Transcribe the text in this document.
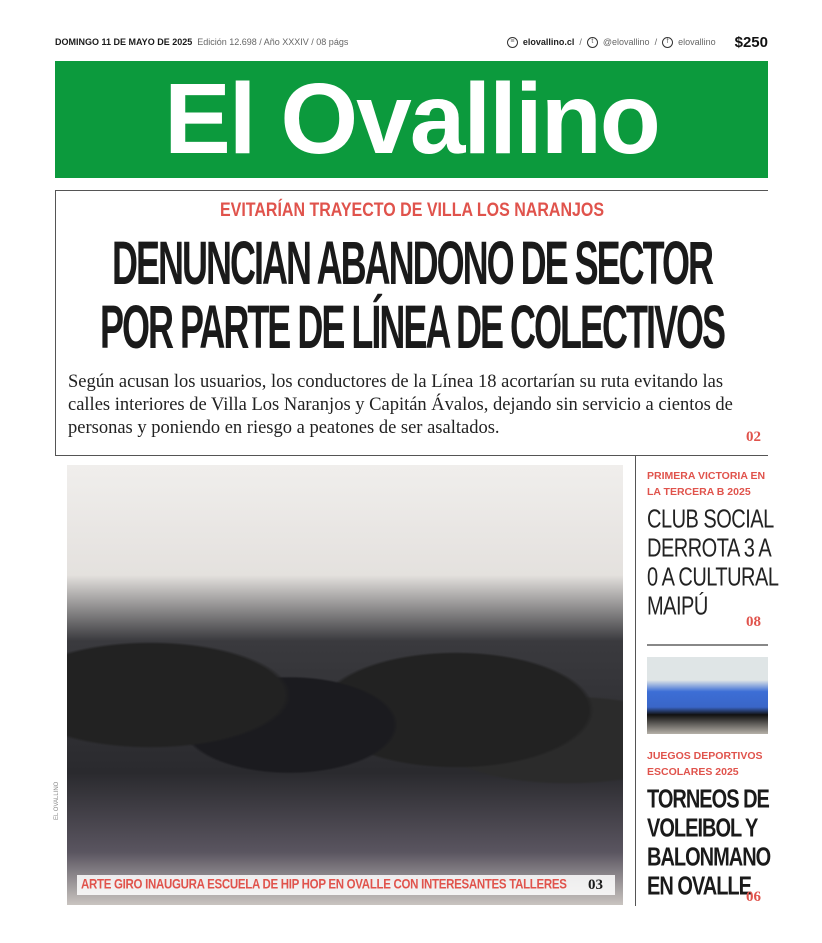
DOMINGO 11 DE MAYO DE 2025 Edición 12.698 / Año XXXIV / 08 págs	≡ elovallino.cl /	t	@elovallino /	f	elovallino $250
El Ovallino
EVITARÍAN TRAYECTO DE VILLA LOS NARANJOS
DENUNCIAN ABANDONO DE SECTOR
POR PARTE DE LÍNEA DE COLECTIVOS

Según acusan los usuarios, los conductores de la Línea 18 acortarían su ruta evitando las calles interiores de Villa Los Naranjos y Capitán Ávalos, dejando sin servicio a cientos de personas y poniendo en riesgo a peatones de ser asaltados.	02
ARTE GIRO INAUGURA ESCUELA DE HIP HOP EN OVALLE CON INTERESANTES TALLERES 03
EL OVALLINO
PRIMERA VICTORIA EN
LA TERCERA B 2025
CLUB SOCIAL
DERROTA 3 A
0 A CULTURAL
MAIPÚ
08
JUEGOS DEPORTIVOS
ESCOLARES 2025
TORNEOS DE
VOLEIBOL Y
BALONMANO
EN OVALLE
06
